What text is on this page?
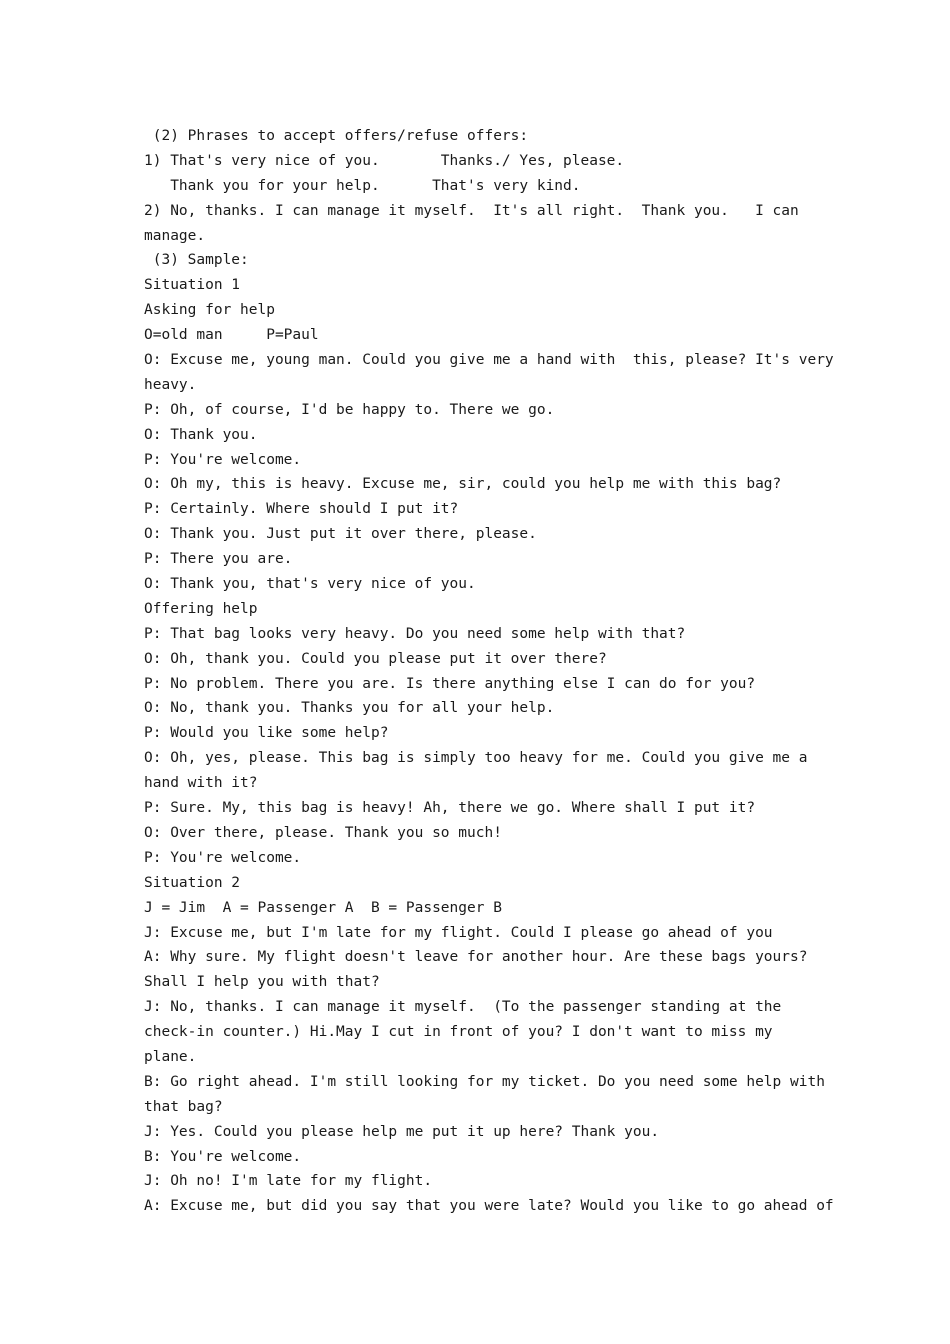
(2) Phrases to accept offers/refuse offers:
1) That's very nice of you.       Thanks./ Yes, please.
Thank you for your help.      That's very kind.
2) No, thanks. I can manage it myself.  It's all right.  Thank you.   I can
manage.
(3) Sample:
Situation 1
Asking for help
O=old man     P=Paul
O: Excuse me, young man. Could you give me a hand with  this, please? It's very
heavy.
P: Oh, of course, I'd be happy to. There we go.
O: Thank you.
P: You're welcome.
O: Oh my, this is heavy. Excuse me, sir, could you help me with this bag?
P: Certainly. Where should I put it?
O: Thank you. Just put it over there, please.
P: There you are.
O: Thank you, that's very nice of you.
Offering help
P: That bag looks very heavy. Do you need some help with that?
O: Oh, thank you. Could you please put it over there?
P: No problem. There you are. Is there anything else I can do for you?
O: No, thank you. Thanks you for all your help.
P: Would you like some help?
O: Oh, yes, please. This bag is simply too heavy for me. Could you give me a
hand with it?
P: Sure. My, this bag is heavy! Ah, there we go. Where shall I put it?
O: Over there, please. Thank you so much!
P: You're welcome.
Situation 2
J = Jim  A = Passenger A  B = Passenger B
J: Excuse me, but I'm late for my flight. Could I please go ahead of you
A: Why sure. My flight doesn't leave for another hour. Are these bags yours?
Shall I help you with that?
J: No, thanks. I can manage it myself.  (To the passenger standing at the
check-in counter.) Hi.May I cut in front of you? I don't want to miss my
plane.
B: Go right ahead. I'm still looking for my ticket. Do you need some help with
that bag?
J: Yes. Could you please help me put it up here? Thank you.
B: You're welcome.
J: Oh no! I'm late for my flight.
A: Excuse me, but did you say that you were late? Would you like to go ahead of
